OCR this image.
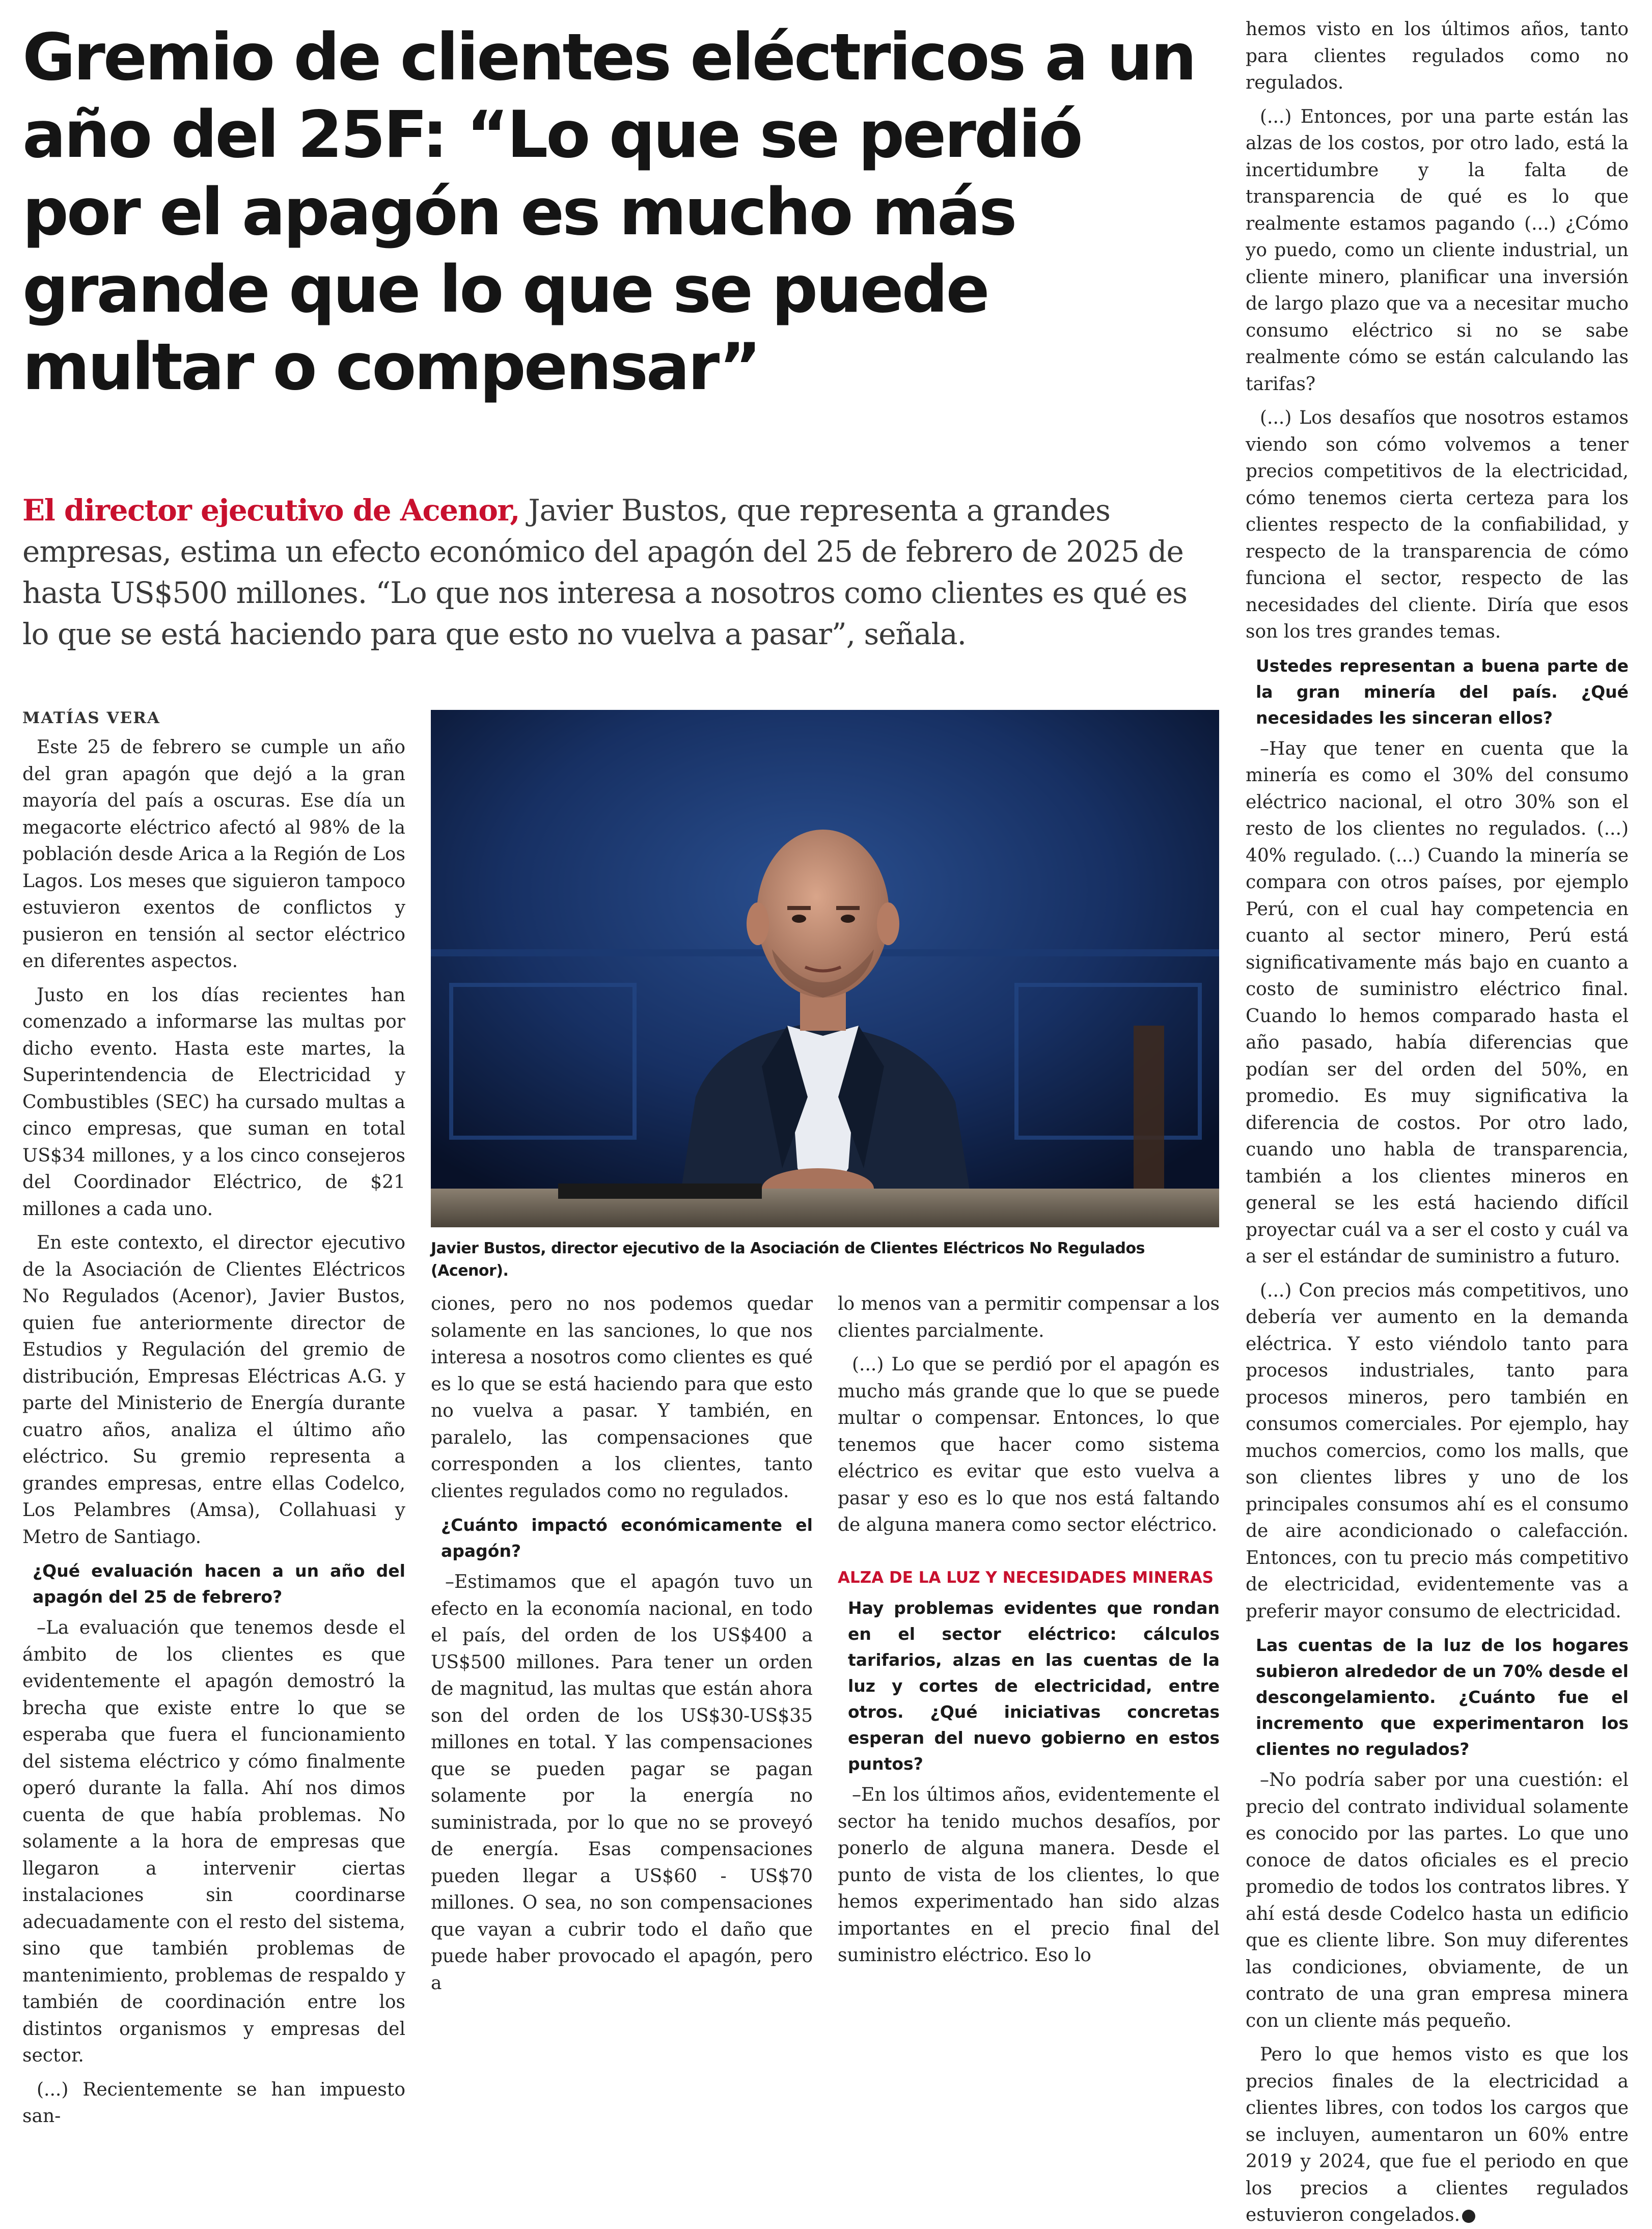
Gremio de clientes eléctricos a un año del 25F: “Lo que se perdió por el apagón es mucho más grande que lo que se puede multar o compensar”

El director ejecutivo de Acenor, Javier Bustos, que representa a grandes empresas, estima un efecto económico del apagón del 25 de febrero de 2025 de hasta US$500 millones. “Lo que nos interesa a nosotros como clientes es qué es lo que se está haciendo para que esto no vuelva a pasar”, señala.

MATÍAS VERA

Este 25 de febrero se cumple un año del gran apagón que dejó a la gran mayoría del país a oscuras. Ese día un megacorte eléctrico afectó al 98% de la población desde Arica a la Región de Los Lagos. Los meses que siguieron tampoco estuvieron exentos de conflictos y pusieron en tensión al sector eléctrico en diferentes aspectos.

Justo en los días recientes han comenzado a informarse las multas por dicho evento. Hasta este martes, la Superintendencia de Electricidad y Combustibles (SEC) ha cursado multas a cinco empresas, que suman en total US$34 millones, y a los cinco consejeros del Coordinador Eléctrico, de $21 millones a cada uno.

En este contexto, el director ejecutivo de la Asociación de Clientes Eléctricos No Regulados (Acenor), Javier Bustos, quien fue anteriormente director de Estudios y Regulación del gremio de distribución, Empresas Eléctricas A.G. y parte del Ministerio de Energía durante cuatro años, analiza el último año eléctrico. Su gremio representa a grandes empresas, entre ellas Codelco, Los Pelambres (Amsa), Collahuasi y Metro de Santiago.

¿Qué evaluación hacen a un año del apagón del 25 de febrero?

–La evaluación que tenemos desde el ámbito de los clientes es que evidentemente el apagón demostró la brecha que existe entre lo que se esperaba que fuera el funcionamiento del sistema eléctrico y cómo finalmente operó durante la falla. Ahí nos dimos cuenta de que había problemas. No solamente a la hora de empresas que llegaron a intervenir ciertas instalaciones sin coordinarse adecuadamente con el resto del sistema, sino que también problemas de mantenimiento, problemas de respaldo y también de coordinación entre los distintos organismos y empresas del sector.

(...) Recientemente se han impuesto san-

Javier Bustos, director ejecutivo de la Asociación de Clientes Eléctricos No Regulados (Acenor).

ciones, pero no nos podemos quedar solamente en las sanciones, lo que nos interesa a nosotros como clientes es qué es lo que se está haciendo para que esto no vuelva a pasar. Y también, en paralelo, las compensaciones que corresponden a los clientes, tanto clientes regulados como no regulados.

¿Cuánto impactó económicamente el apagón?

–Estimamos que el apagón tuvo un efecto en la economía nacional, en todo el país, del orden de los US$400 a US$500 millones. Para tener un orden de magnitud, las multas que están ahora son del orden de los US$30-US$35 millones en total. Y las compensaciones que se pueden pagar se pagan solamente por la energía no suministrada, por lo que no se proveyó de energía. Esas compensaciones pueden llegar a US$60 - US$70 millones. O sea, no son compensaciones que vayan a cubrir todo el daño que puede haber provocado el apagón, pero a

lo menos van a permitir compensar a los clientes parcialmente.

(...) Lo que se perdió por el apagón es mucho más grande que lo que se puede multar o compensar. Entonces, lo que tenemos que hacer como sistema eléctrico es evitar que esto vuelva a pasar y eso es lo que nos está faltando de alguna manera como sector eléctrico.

ALZA DE LA LUZ Y NECESIDADES MINERAS

Hay problemas evidentes que rondan en el sector eléctrico: cálculos tarifarios, alzas en las cuentas de la luz y cortes de electricidad, entre otros. ¿Qué iniciativas concretas esperan del nuevo gobierno en estos puntos?

–En los últimos años, evidentemente el sector ha tenido muchos desafíos, por ponerlo de alguna manera. Desde el punto de vista de los clientes, lo que hemos experimentado han sido alzas importantes en el precio final del suministro eléctrico. Eso lo

hemos visto en los últimos años, tanto para clientes regulados como no regulados.

(...) Entonces, por una parte están las alzas de los costos, por otro lado, está la incertidumbre y la falta de transparencia de qué es lo que realmente estamos pagando (...) ¿Cómo yo puedo, como un cliente industrial, un cliente minero, planificar una inversión de largo plazo que va a necesitar mucho consumo eléctrico si no se sabe realmente cómo se están calculando las tarifas?

(...) Los desafíos que nosotros estamos viendo son cómo volvemos a tener precios competitivos de la electricidad, cómo tenemos cierta certeza para los clientes respecto de la confiabilidad, y respecto de la transparencia de cómo funciona el sector, respecto de las necesidades del cliente. Diría que esos son los tres grandes temas.

Ustedes representan a buena parte de la gran minería del país. ¿Qué necesidades les sinceran ellos?

–Hay que tener en cuenta que la minería es como el 30% del consumo eléctrico nacional, el otro 30% son el resto de los clientes no regulados. (...) 40% regulado. (...) Cuando la minería se compara con otros países, por ejemplo Perú, con el cual hay competencia en cuanto al sector minero, Perú está significativamente más bajo en cuanto a costo de suministro eléctrico final. Cuando lo hemos comparado hasta el año pasado, había diferencias que podían ser del orden del 50%, en promedio. Es muy significativa la diferencia de costos. Por otro lado, cuando uno habla de transparencia, también a los clientes mineros en general se les está haciendo difícil proyectar cuál va a ser el costo y cuál va a ser el estándar de suministro a futuro.

(...) Con precios más competitivos, uno debería ver aumento en la demanda eléctrica. Y esto viéndolo tanto para procesos industriales, tanto para procesos mineros, pero también en consumos comerciales. Por ejemplo, hay muchos comercios, como los malls, que son clientes libres y uno de los principales consumos ahí es el consumo de aire acondicionado o calefacción. Entonces, con tu precio más competitivo de electricidad, evidentemente vas a preferir mayor consumo de electricidad.

Las cuentas de la luz de los hogares subieron alrededor de un 70% desde el descongelamiento. ¿Cuánto fue el incremento que experimentaron los clientes no regulados?

–No podría saber por una cuestión: el precio del contrato individual solamente es conocido por las partes. Lo que uno conoce de datos oficiales es el precio promedio de todos los contratos libres. Y ahí está desde Codelco hasta un edificio que es cliente libre. Son muy diferentes las condiciones, obviamente, de un contrato de una gran empresa minera con un cliente más pequeño.

Pero lo que hemos visto es que los precios finales de la electricidad a clientes libres, con todos los cargos que se incluyen, aumentaron un 60% entre 2019 y 2024, que fue el periodo en que los precios a clientes regulados estuvieron congelados. P
